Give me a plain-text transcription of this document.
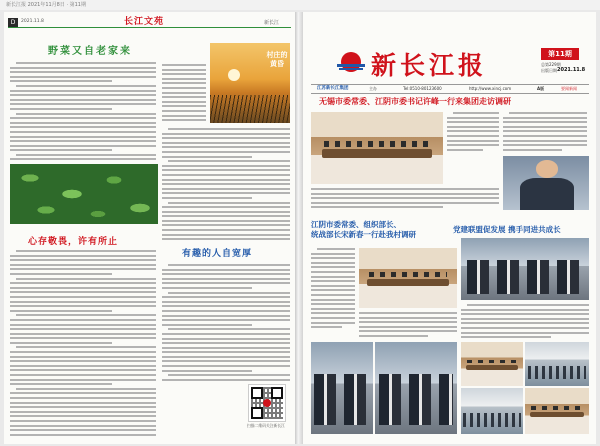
新长江报 2021年11月8日 · 第11期
D	2021.11.8	长江文苑	新长江
野菜又自老家来	村庄的黄昏
心存敬畏，许有所止
有趣的人自宽厚
扫描二维码关注新长江
新长江报	第11期
总第229期
出版日期 2021.11.8
江苏新长江集团	主办	Tel:0510-80123600	http://www.xincj.com	A版	要闻新闻
无锡市委常委、江阴市委书记许峰一行来集团走访调研
江阴市委常委、组织部长、
统战部长宋新春一行赴我村调研
党建联盟促发展 携手同进共成长
